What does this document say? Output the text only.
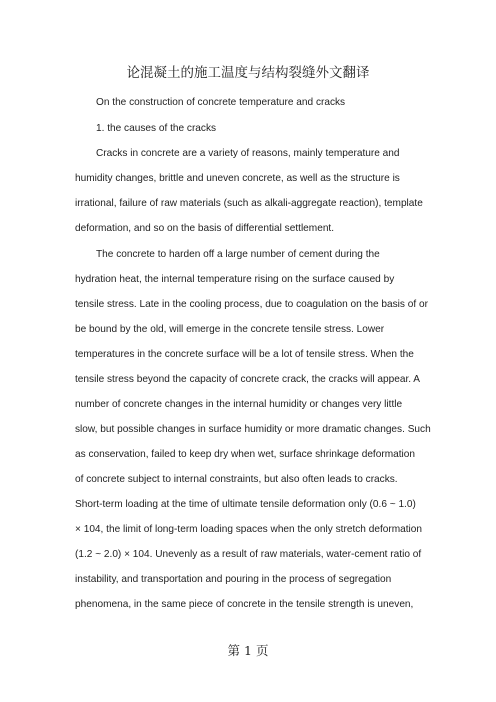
论混凝土的施工温度与结构裂缝外文翻译
On the construction of concrete temperature and cracks
1. the causes of the cracks
Cracks in concrete are a variety of reasons, mainly temperature and
humidity changes, brittle and uneven concrete, as well as the structure is
irrational, failure of raw materials (such as alkali-aggregate reaction), template
deformation, and so on the basis of differential settlement.
The concrete to harden off a large number of cement during the
hydration heat, the internal temperature rising on the surface caused by
tensile stress. Late in the cooling process, due to coagulation on the basis of or
be bound by the old, will emerge in the concrete tensile stress. Lower
temperatures in the concrete surface will be a lot of tensile stress. When the
tensile stress beyond the capacity of concrete crack, the cracks will appear. A
number of concrete changes in the internal humidity or changes very little
slow, but possible changes in surface humidity or more dramatic changes. Such
as conservation, failed to keep dry when wet, surface shrinkage deformation
of concrete subject to internal constraints, but also often leads to cracks.
Short-term loading at the time of ultimate tensile deformation only (0.6 ~ 1.0)
× 104, the limit of long-term loading spaces when the only stretch deformation
(1.2 ~ 2.0) × 104. Unevenly as a result of raw materials, water-cement ratio of
instability, and transportation and pouring in the process of segregation
phenomena, in the same piece of concrete in the tensile strength is uneven,
第 1 页
